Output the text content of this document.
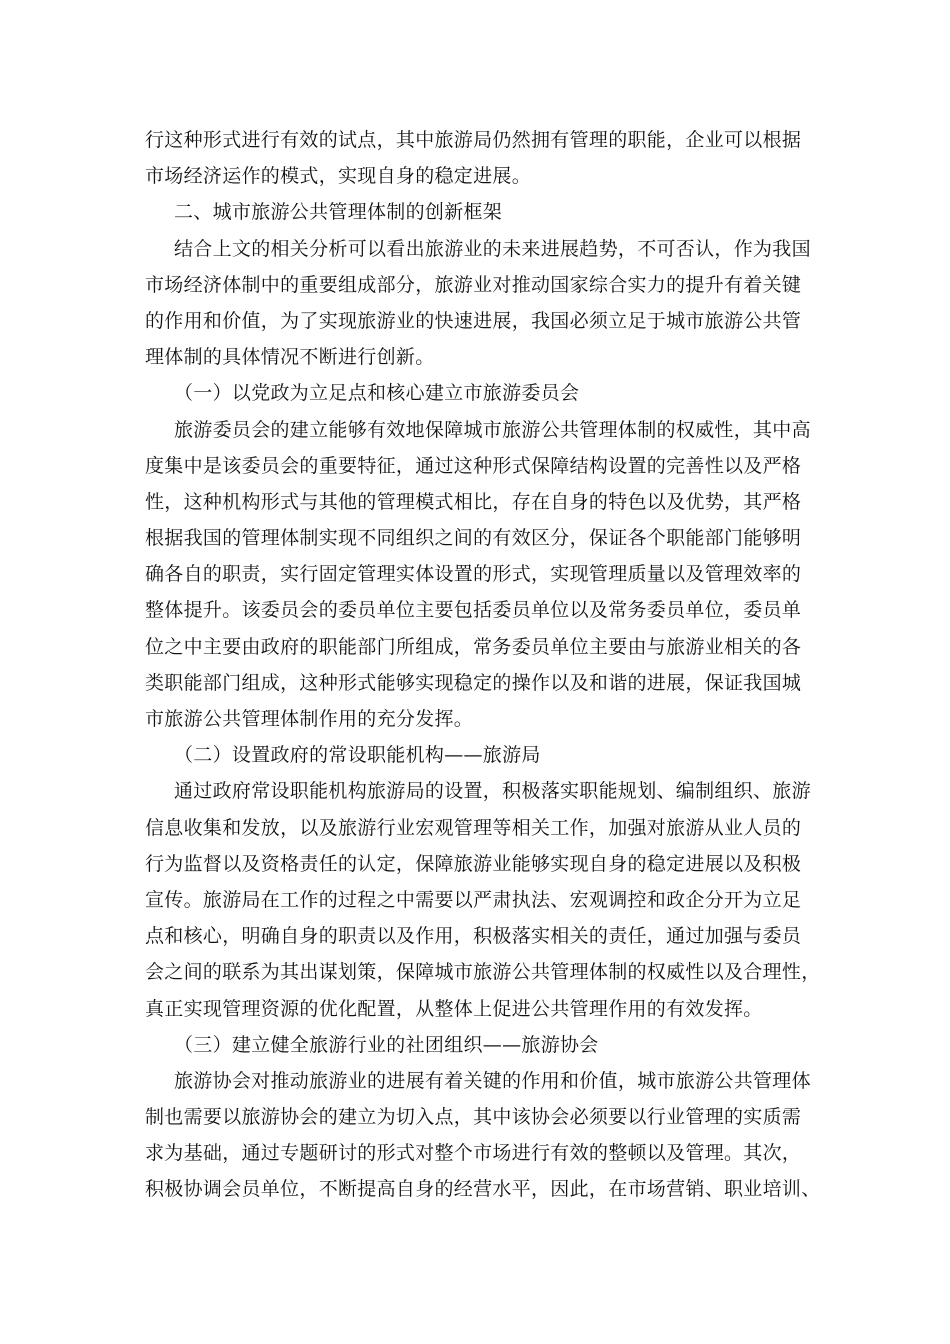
行这种形式进行有效的试点，其中旅游局仍然拥有管理的职能，企业可以根据
市场经济运作的模式，实现自身的稳定进展。
二、城市旅游公共管理体制的创新框架
结合上文的相关分析可以看出旅游业的未来进展趋势，不可否认，作为我国
市场经济体制中的重要组成部分，旅游业对推动国家综合实力的提升有着关键
的作用和价值，为了实现旅游业的快速进展，我国必须立足于城市旅游公共管
理体制的具体情况不断进行创新。
（一）以党政为立足点和核心建立市旅游委员会
旅游委员会的建立能够有效地保障城市旅游公共管理体制的权威性，其中高
度集中是该委员会的重要特征，通过这种形式保障结构设置的完善性以及严格
性，这种机构形式与其他的管理模式相比，存在自身的特色以及优势，其严格
根据我国的管理体制实现不同组织之间的有效区分，保证各个职能部门能够明
确各自的职责，实行固定管理实体设置的形式，实现管理质量以及管理效率的
整体提升。该委员会的委员单位主要包括委员单位以及常务委员单位，委员单
位之中主要由政府的职能部门所组成，常务委员单位主要由与旅游业相关的各
类职能部门组成，这种形式能够实现稳定的操作以及和谐的进展，保证我国城
市旅游公共管理体制作用的充分发挥。
（二）设置政府的常设职能机构——旅游局
通过政府常设职能机构旅游局的设置，积极落实职能规划、编制组织、旅游
信息收集和发放，以及旅游行业宏观管理等相关工作，加强对旅游从业人员的
行为监督以及资格责任的认定，保障旅游业能够实现自身的稳定进展以及积极
宣传。旅游局在工作的过程之中需要以严肃执法、宏观调控和政企分开为立足
点和核心，明确自身的职责以及作用，积极落实相关的责任，通过加强与委员
会之间的联系为其出谋划策，保障城市旅游公共管理体制的权威性以及合理性，
真正实现管理资源的优化配置，从整体上促进公共管理作用的有效发挥。
（三）建立健全旅游行业的社团组织——旅游协会
旅游协会对推动旅游业的进展有着关键的作用和价值，城市旅游公共管理体
制也需要以旅游协会的建立为切入点，其中该协会必须要以行业管理的实质需
求为基础，通过专题研讨的形式对整个市场进行有效的整顿以及管理。其次，
积极协调会员单位，不断提高自身的经营水平，因此，在市场营销、职业培训、
